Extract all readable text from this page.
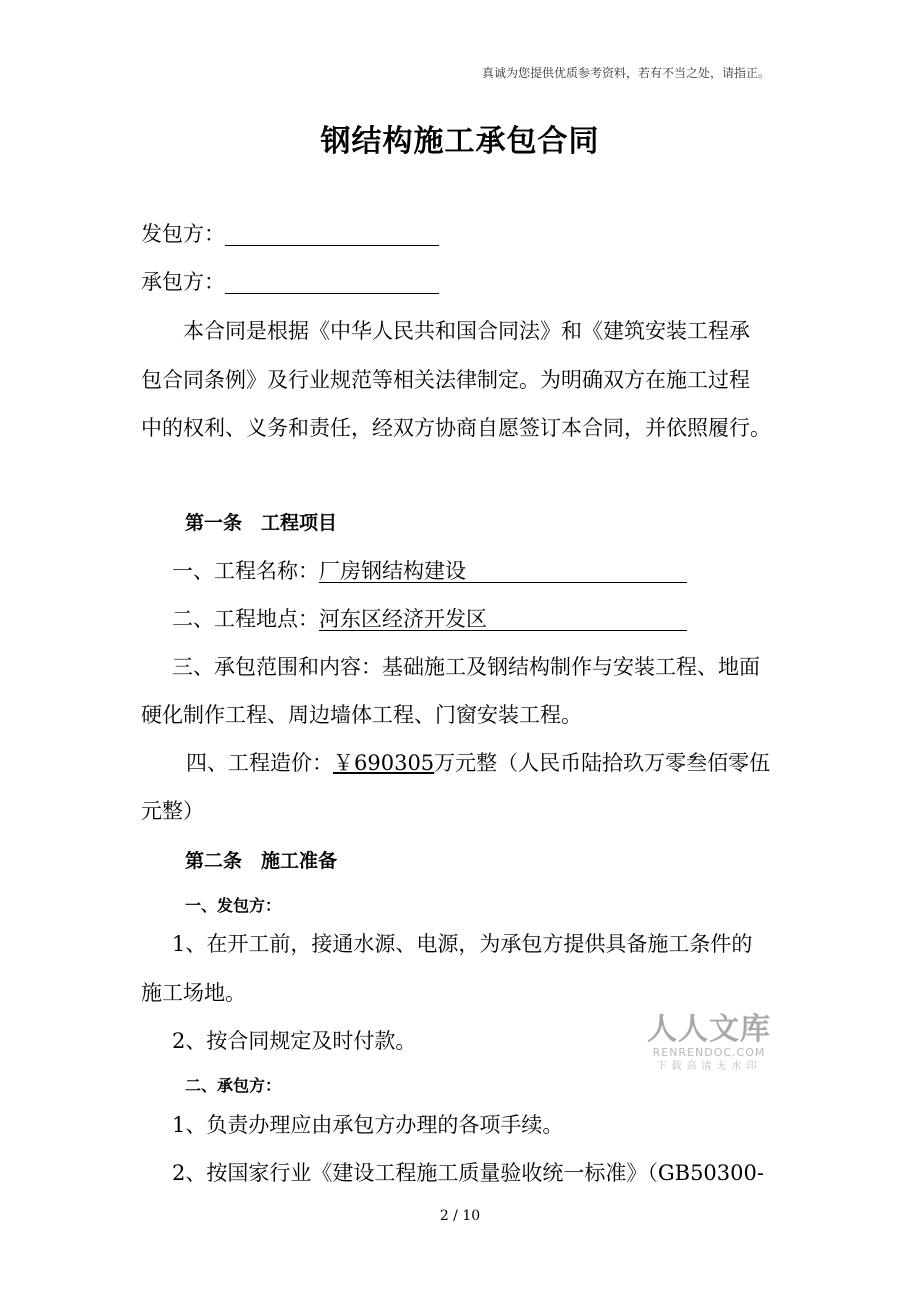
真诚为您提供优质参考资料，若有不当之处，请指正。
钢结构施工承包合同
发包方：
承包方：
本合同是根据《中华人民共和国合同法》和《建筑安装工程承
包合同条例》及行业规范等相关法律制定。为明确双方在施工过程
中的权利、义务和责任，经双方协商自愿签订本合同，并依照履行。
第一条　工程项目
一、工程名称：厂房钢结构建设
二、工程地点：河东区经济开发区
三、承包范围和内容：基础施工及钢结构制作与安装工程、地面
硬化制作工程、周边墙体工程、门窗安装工程。
四、工程造价：￥690305万元整（人民币陆拾玖万零叁佰零伍
元整）
第二条　施工准备
一、发包方：
1、在开工前，接通水源、电源，为承包方提供具备施工条件的
施工场地。
2、按合同规定及时付款。
二、承包方：
1、负责办理应由承包方办理的各项手续。
2、按国家行业《建设工程施工质量验收统一标准》（GB50300-
人人文库
RENRENDOC.COM
下载高清无水印
2 / 10
